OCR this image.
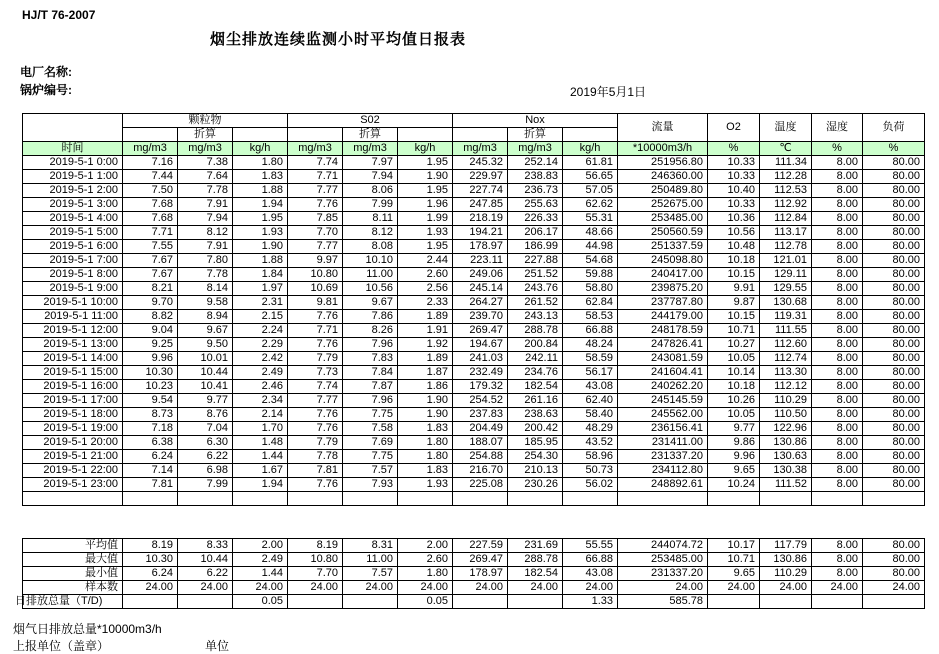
HJ/T 76-2007
烟尘排放连续监测小时平均值日报表
电厂名称:
锅炉编号:	2019年5月1日
	颗粒物			S02			Nox			流量	O2	温度	湿度	负荷
		折算			折算			折算						
时间	mg/m3	mg/m3	kg/h	mg/m3	mg/m3	kg/h	mg/m3	mg/m3	kg/h	*10000m3/h	%	℃	%	%
2019-5-1 0:00	7.16	7.38	1.80	7.74	7.97	1.95	245.32	252.14	61.81	251956.80	10.33	111.34	8.00	80.00
2019-5-1 1:00	7.44	7.64	1.83	7.71	7.94	1.90	229.97	238.83	56.65	246360.00	10.33	112.28	8.00	80.00
2019-5-1 2:00	7.50	7.78	1.88	7.77	8.06	1.95	227.74	236.73	57.05	250489.80	10.40	112.53	8.00	80.00
2019-5-1 3:00	7.68	7.91	1.94	7.76	7.99	1.96	247.85	255.63	62.62	252675.00	10.33	112.92	8.00	80.00
2019-5-1 4:00	7.68	7.94	1.95	7.85	8.11	1.99	218.19	226.33	55.31	253485.00	10.36	112.84	8.00	80.00
2019-5-1 5:00	7.71	8.12	1.93	7.70	8.12	1.93	194.21	206.17	48.66	250560.59	10.56	113.17	8.00	80.00
2019-5-1 6:00	7.55	7.91	1.90	7.77	8.08	1.95	178.97	186.99	44.98	251337.59	10.48	112.78	8.00	80.00
2019-5-1 7:00	7.67	7.80	1.88	9.97	10.10	2.44	223.11	227.88	54.68	245098.80	10.18	121.01	8.00	80.00
2019-5-1 8:00	7.67	7.78	1.84	10.80	11.00	2.60	249.06	251.52	59.88	240417.00	10.15	129.11	8.00	80.00
2019-5-1 9:00	8.21	8.14	1.97	10.69	10.56	2.56	245.14	243.76	58.80	239875.20	9.91	129.55	8.00	80.00
2019-5-1 10:00	9.70	9.58	2.31	9.81	9.67	2.33	264.27	261.52	62.84	237787.80	9.87	130.68	8.00	80.00
2019-5-1 11:00	8.82	8.94	2.15	7.76	7.86	1.89	239.70	243.13	58.53	244179.00	10.15	119.31	8.00	80.00
2019-5-1 12:00	9.04	9.67	2.24	7.71	8.26	1.91	269.47	288.78	66.88	248178.59	10.71	111.55	8.00	80.00
2019-5-1 13:00	9.25	9.50	2.29	7.76	7.96	1.92	194.67	200.84	48.24	247826.41	10.27	112.60	8.00	80.00
2019-5-1 14:00	9.96	10.01	2.42	7.79	7.83	1.89	241.03	242.11	58.59	243081.59	10.05	112.74	8.00	80.00
2019-5-1 15:00	10.30	10.44	2.49	7.73	7.84	1.87	232.49	234.76	56.17	241604.41	10.14	113.30	8.00	80.00
2019-5-1 16:00	10.23	10.41	2.46	7.74	7.87	1.86	179.32	182.54	43.08	240262.20	10.18	112.12	8.00	80.00
2019-5-1 17:00	9.54	9.77	2.34	7.77	7.96	1.90	254.52	261.16	62.40	245145.59	10.26	110.29	8.00	80.00
2019-5-1 18:00	8.73	8.76	2.14	7.76	7.75	1.90	237.83	238.63	58.40	245562.00	10.05	110.50	8.00	80.00
2019-5-1 19:00	7.18	7.04	1.70	7.76	7.58	1.83	204.49	200.42	48.29	236156.41	9.77	122.96	8.00	80.00
2019-5-1 20:00	6.38	6.30	1.48	7.79	7.69	1.80	188.07	185.95	43.52	231411.00	9.86	130.86	8.00	80.00
2019-5-1 21:00	6.24	6.22	1.44	7.78	7.75	1.80	254.88	254.30	58.96	231337.20	9.96	130.63	8.00	80.00
2019-5-1 22:00	7.14	6.98	1.67	7.81	7.57	1.83	216.70	210.13	50.73	234112.80	9.65	130.38	8.00	80.00
2019-5-1 23:00	7.81	7.99	1.94	7.76	7.93	1.93	225.08	230.26	56.02	248892.61	10.24	111.52	8.00	80.00

平均值	8.19	8.33	2.00	8.19	8.31	2.00	227.59	231.69	55.55	244074.72	10.17	117.79	8.00	80.00
最大值	10.30	10.44	2.49	10.80	11.00	2.60	269.47	288.78	66.88	253485.00	10.71	130.86	8.00	80.00
最小值	6.24	6.22	1.44	7.70	7.57	1.80	178.97	182.54	43.08	231337.20	9.65	110.29	8.00	80.00
样本数	24.00	24.00	24.00	24.00	24.00	24.00	24.00	24.00	24.00	24.00	24.00	24.00	24.00	24.00
日排放总量（T/D)			0.05			0.05			1.33	585.78				
烟气日排放总量*10000m3/h
上报单位（盖章）	单位
